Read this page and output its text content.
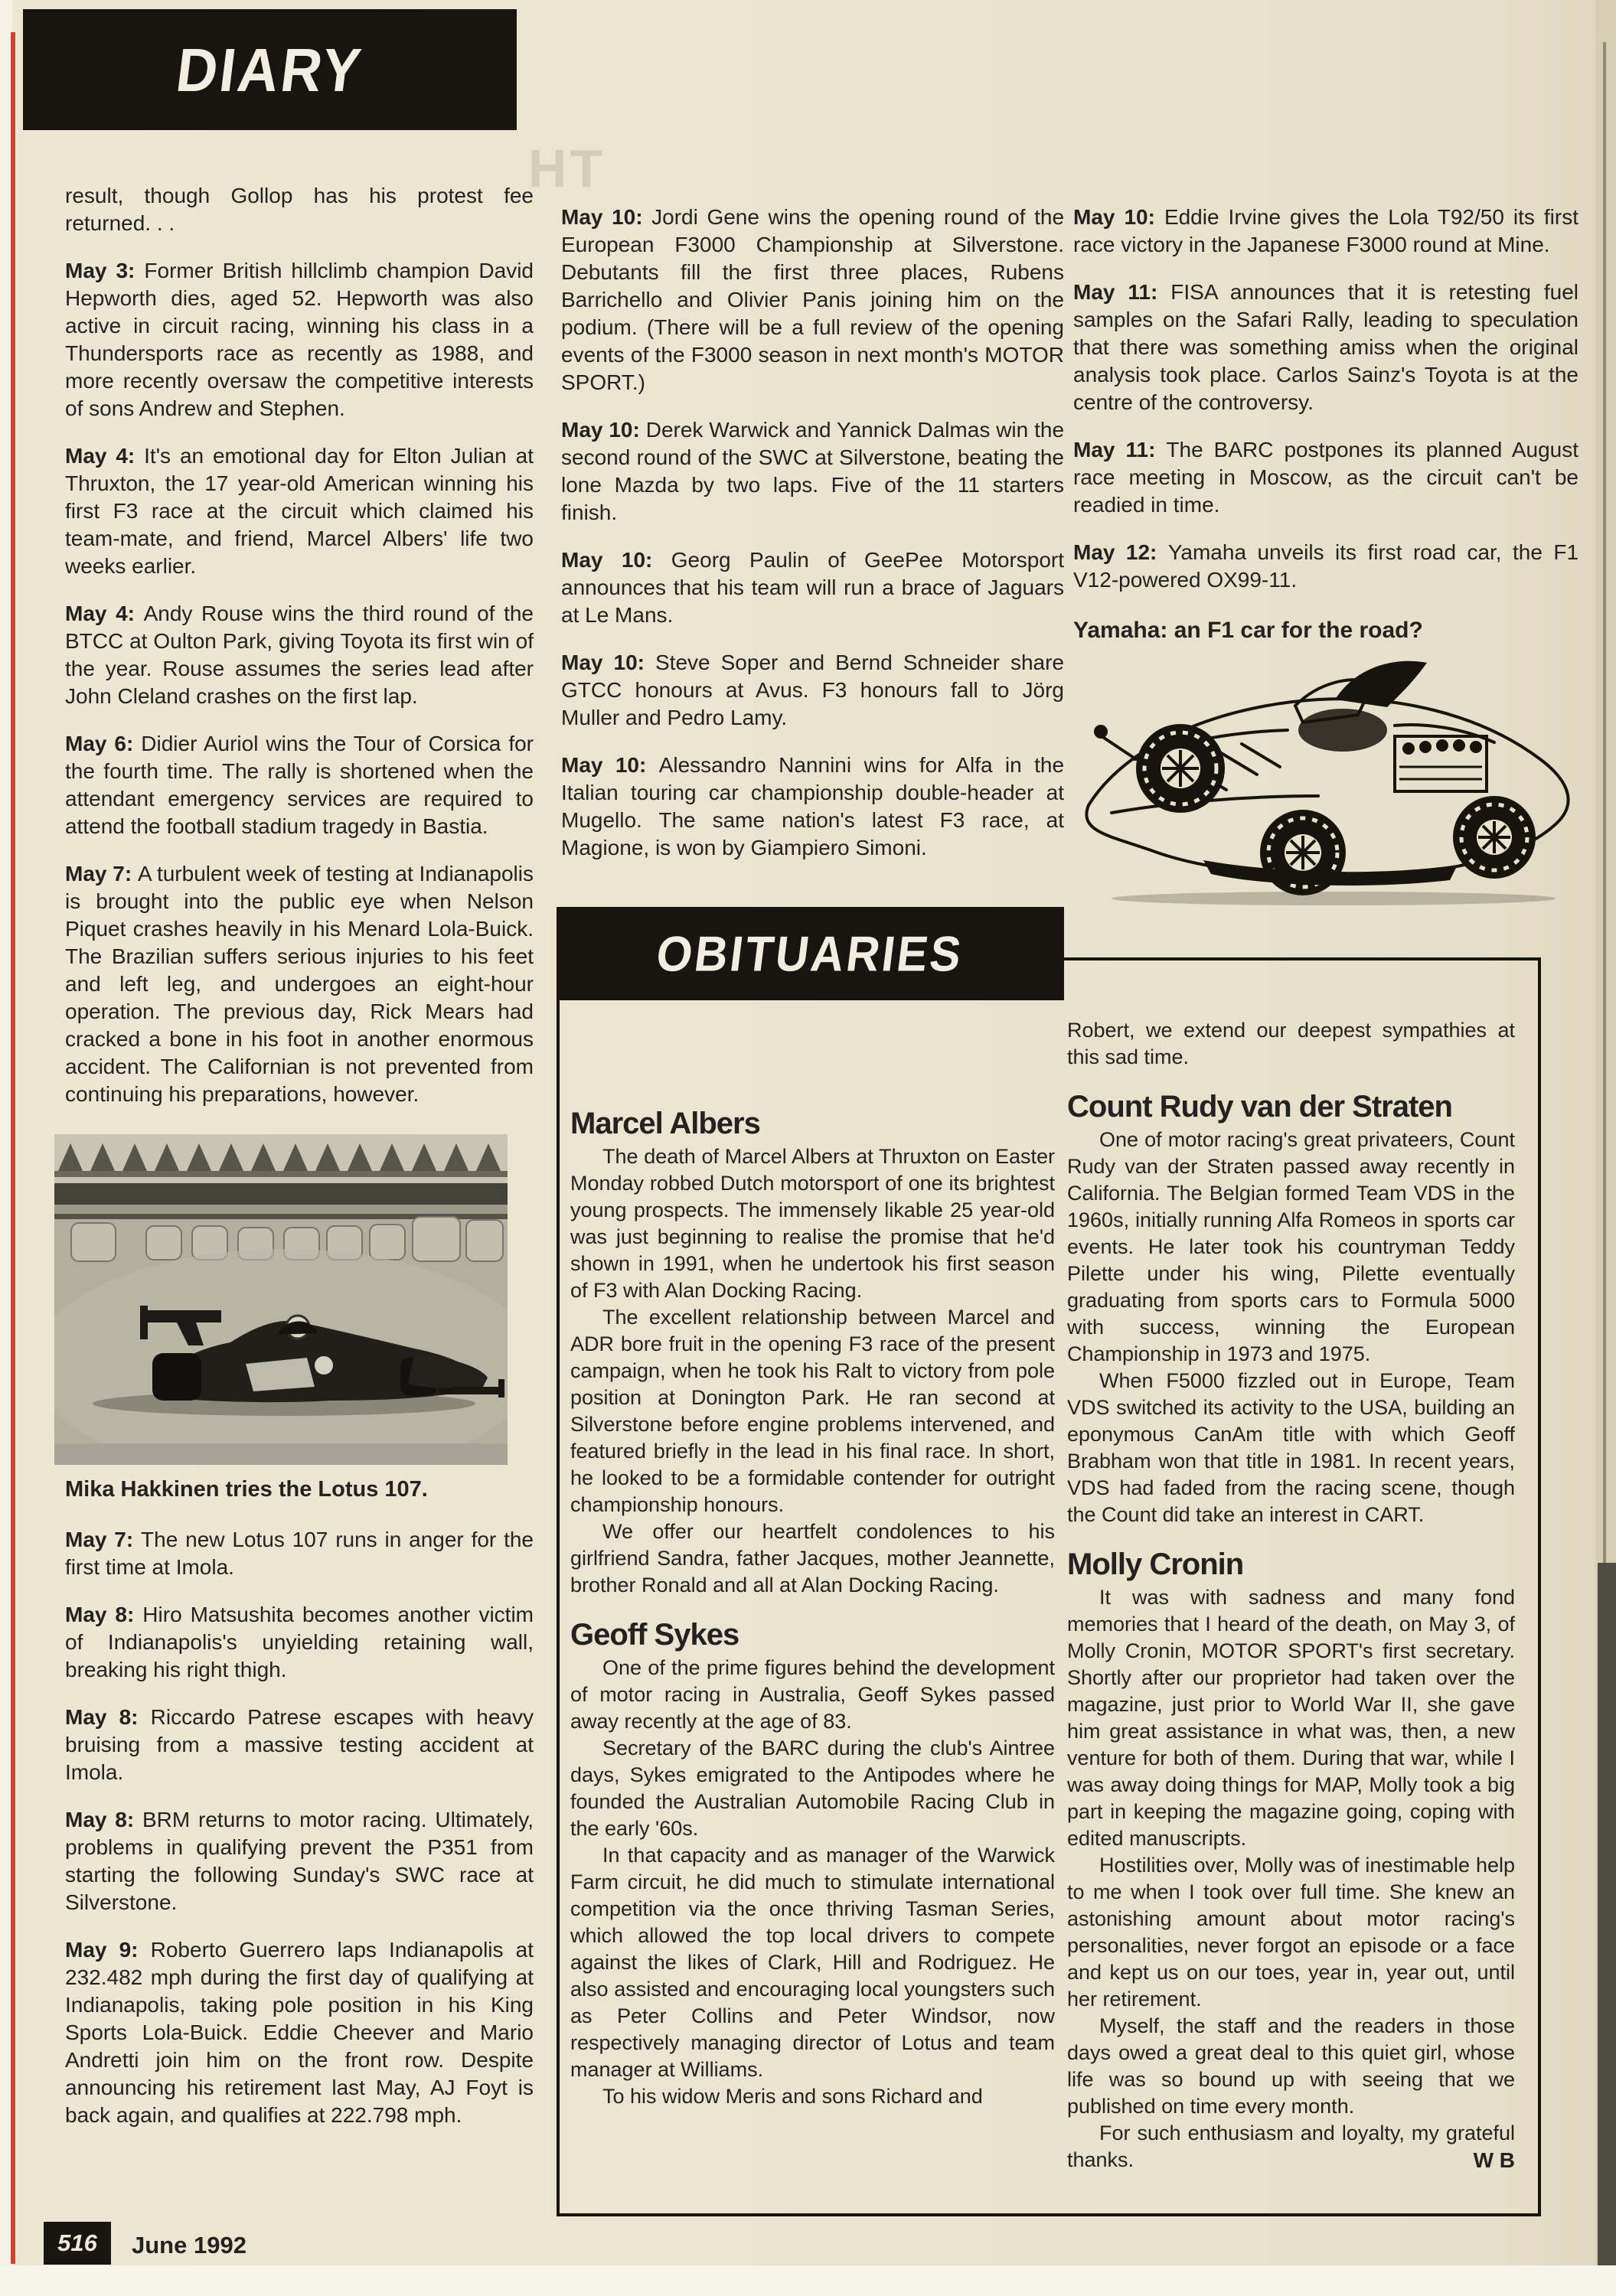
HT
DIARY

result, though Gollop has his protest fee returned. . .

May 3: Former British hillclimb champion David Hepworth dies, aged 52. Hepworth was also active in circuit racing, winning his class in a Thundersports race as recently as 1988, and more recently oversaw the competitive interests of sons Andrew and Stephen.

May 4: It's an emotional day for Elton Julian at Thruxton, the 17 year-old American winning his first F3 race at the circuit which claimed his team-mate, and friend, Marcel Albers' life two weeks earlier.

May 4: Andy Rouse wins the third round of the BTCC at Oulton Park, giving Toyota its first win of the year. Rouse assumes the series lead after John Cleland crashes on the first lap.

May 6: Didier Auriol wins the Tour of Corsica for the fourth time. The rally is shortened when the attendant emergency services are required to attend the football stadium tragedy in Bastia.

May 7: A turbulent week of testing at Indianapolis is brought into the public eye when Nelson Piquet crashes heavily in his Menard Lola-Buick. The Brazilian suffers serious injuries to his feet and left leg, and undergoes an eight-hour operation. The previous day, Rick Mears had cracked a bone in his foot in another enormous accident. The Californian is not prevented from continuing his preparations, however.

Mika Hakkinen tries the Lotus 107.

May 7: The new Lotus 107 runs in anger for the first time at Imola.

May 8: Hiro Matsushita becomes another victim of Indianapolis's unyielding retaining wall, breaking his right thigh.

May 8: Riccardo Patrese escapes with heavy bruising from a massive testing accident at Imola.

May 8: BRM returns to motor racing. Ultimately, problems in qualifying prevent the P351 from starting the following Sunday's SWC race at Silverstone.

May 9: Roberto Guerrero laps Indianapolis at 232.482 mph during the first day of qualifying at Indianapolis, taking pole position in his King Sports Lola-Buick. Eddie Cheever and Mario Andretti join him on the front row. Despite announcing his retirement last May, AJ Foyt is back again, and qualifies at 222.798 mph.

May 10: Jordi Gene wins the opening round of the European F3000 Championship at Silverstone. Debutants fill the first three places, Rubens Barrichello and Olivier Panis joining him on the podium. (There will be a full review of the opening events of the F3000 season in next month's MOTOR SPORT.)

May 10: Derek Warwick and Yannick Dalmas win the second round of the SWC at Silverstone, beating the lone Mazda by two laps. Five of the 11 starters finish.

May 10: Georg Paulin of GeePee Motorsport announces that his team will run a brace of Jaguars at Le Mans.

May 10: Steve Soper and Bernd Schneider share GTCC honours at Avus. F3 honours fall to Jörg Muller and Pedro Lamy.

May 10: Alessandro Nannini wins for Alfa in the Italian touring car championship double-header at Mugello. The same nation's latest F3 race, at Magione, is won by Giampiero Simoni.

May 10: Eddie Irvine gives the Lola T92/50 its first race victory in the Japanese F3000 round at Mine.

May 11: FISA announces that it is retesting fuel samples on the Safari Rally, leading to speculation that there was something amiss when the original analysis took place. Carlos Sainz's Toyota is at the centre of the controversy.

May 11: The BARC postpones its planned August race meeting in Moscow, as the circuit can't be readied in time.

May 12: Yamaha unveils its first road car, the F1 V12-powered OX99-11.

Yamaha: an F1 car for the road?

OBITUARIES
Marcel Albers

The death of Marcel Albers at Thruxton on Easter Monday robbed Dutch motorsport of one its brightest young prospects. The immensely likable 25 year-old was just beginning to realise the promise that he'd shown in 1991, when he undertook his first season of F3 with Alan Docking Racing.

The excellent relationship between Marcel and ADR bore fruit in the opening F3 race of the present campaign, when he took his Ralt to victory from pole position at Donington Park. He ran second at Silverstone before engine problems intervened, and featured briefly in the lead in his final race. In short, he looked to be a formidable contender for outright championship honours.

We offer our heartfelt condolences to his girlfriend Sandra, father Jacques, mother Jeannette, brother Ronald and all at Alan Docking Racing.

Geoff Sykes

One of the prime figures behind the development of motor racing in Australia, Geoff Sykes passed away recently at the age of 83.

Secretary of the BARC during the club's Aintree days, Sykes emigrated to the Antipodes where he founded the Australian Automobile Racing Club in the early '60s.

In that capacity and as manager of the Warwick Farm circuit, he did much to stimulate international competition via the once thriving Tasman Series, which allowed the top local drivers to compete against the likes of Clark, Hill and Rodriguez. He also assisted and encouraging local youngsters such as Peter Collins and Peter Windsor, now respectively managing director of Lotus and team manager at Williams.

To his widow Meris and sons Richard and

Robert, we extend our deepest sympathies at this sad time.

Count Rudy van der Straten

One of motor racing's great privateers, Count Rudy van der Straten passed away recently in California. The Belgian formed Team VDS in the 1960s, initially running Alfa Romeos in sports car events. He later took his countryman Teddy Pilette under his wing, Pilette eventually graduating from sports cars to Formula 5000 with success, winning the European Championship in 1973 and 1975.

When F5000 fizzled out in Europe, Team VDS switched its activity to the USA, building an eponymous CanAm title with which Geoff Brabham won that title in 1981. In recent years, VDS had faded from the racing scene, though the Count did take an interest in CART.

Molly Cronin

It was with sadness and many fond memories that I heard of the death, on May 3, of Molly Cronin, MOTOR SPORT's first secretary. Shortly after our proprietor had taken over the magazine, just prior to World War II, she gave him great assistance in what was, then, a new venture for both of them. During that war, while I was away doing things for MAP, Molly took a big part in keeping the magazine going, coping with edited manuscripts.

Hostilities over, Molly was of inestimable help to me when I took over full time. She knew an astonishing amount about motor racing's personalities, never forgot an episode or a face and kept us on our toes, year in, year out, until her retirement.

Myself, the staff and the readers in those days owed a great deal to this quiet girl, whose life was so bound up with seeing that we published on time every month.

For such enthusiasm and loyalty, my grateful thanks.	W B

516 June 1992
